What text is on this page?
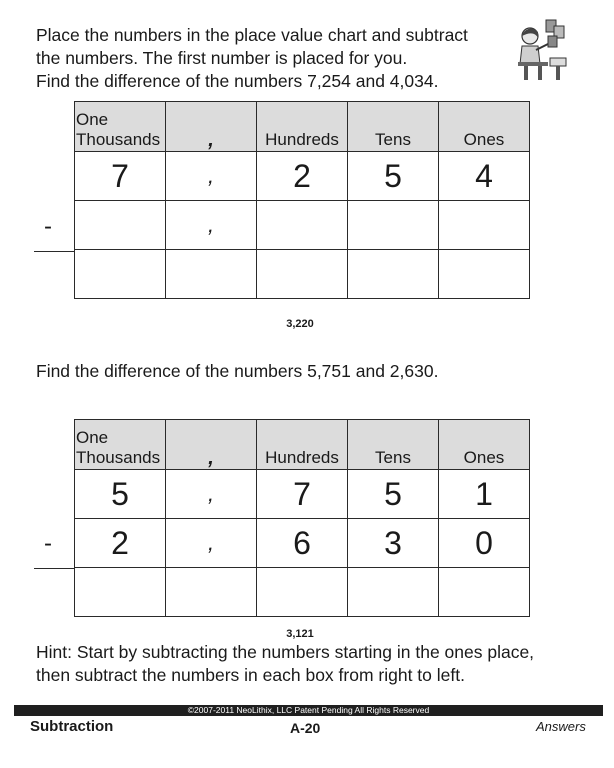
Place the numbers in the place value chart and subtract
the numbers. The first number is placed for you.
Find the difference of the numbers 7,254 and 4,034.
One
Thousands	,	Hundreds	Tens	Ones
7	,	2	5	4
	,			

-
3,220
Find the difference of the numbers 5,751 and 2,630.
One
Thousands	,	Hundreds	Tens	Ones
5	,	7	5	1
2	,	6	3	0

-
3,121
Hint: Start by subtracting the numbers starting in the ones place,
then subtract the numbers in each box from right to left.
©2007-2011 NeoLithix, LLC Patent Pending All Rights Reserved
Subtraction	A-20	Answers
